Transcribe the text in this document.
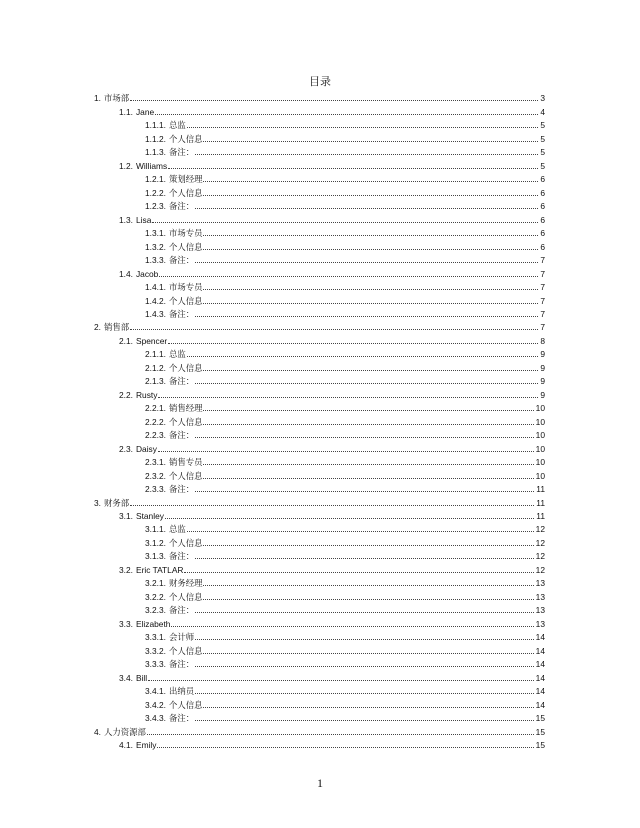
目录
1. 市场部	3
1.1. Jane	4
1.1.1. 总监	5
1.1.2. 个人信息	5
1.1.3. 备注：	5
1.2. Williams	5
1.2.1. 策划经理	6
1.2.2. 个人信息	6
1.2.3. 备注：	6
1.3. Lisa	6
1.3.1. 市场专员	6
1.3.2. 个人信息	6
1.3.3. 备注：	7
1.4. Jacob	7
1.4.1. 市场专员	7
1.4.2. 个人信息	7
1.4.3. 备注：	7
2. 销售部	7
2.1. Spencer	8
2.1.1. 总监	9
2.1.2. 个人信息	9
2.1.3. 备注：	9
2.2. Rusty	9
2.2.1. 销售经理	10
2.2.2. 个人信息	10
2.2.3. 备注：	10
2.3. Daisy	10
2.3.1. 销售专员	10
2.3.2. 个人信息	10
2.3.3. 备注：	11
3. 财务部	11
3.1. Stanley	11
3.1.1. 总监	12
3.1.2. 个人信息	12
3.1.3. 备注：	12
3.2. Eric TATLAR	12
3.2.1. 财务经理	13
3.2.2. 个人信息	13
3.2.3. 备注：	13
3.3. Elizabeth	13
3.3.1. 会计师	14
3.3.2. 个人信息	14
3.3.3. 备注：	14
3.4. Bill	14
3.4.1. 出纳员	14
3.4.2. 个人信息	14
3.4.3. 备注：	15
4. 人力资源部	15
4.1. Emily	15
1
